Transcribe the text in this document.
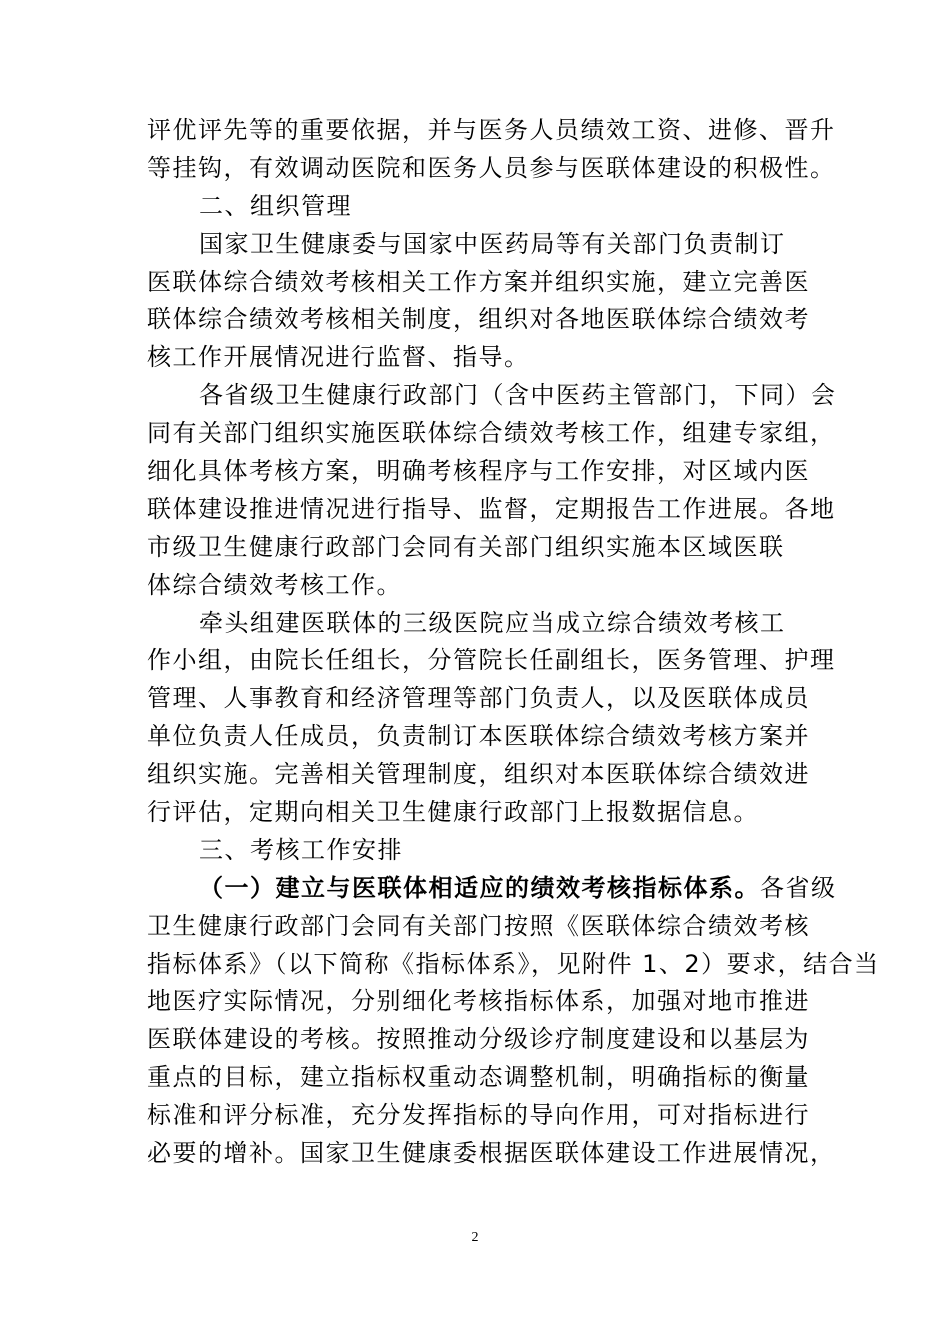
评优评先等的重要依据，并与医务人员绩效工资、进修、晋升
等挂钩，有效调动医院和医务人员参与医联体建设的积极性。
二、组织管理
国家卫生健康委与国家中医药局等有关部门负责制订
医联体综合绩效考核相关工作方案并组织实施，建立完善医
联体综合绩效考核相关制度，组织对各地医联体综合绩效考
核工作开展情况进行监督、指导。
各省级卫生健康行政部门（含中医药主管部门，下同）会
同有关部门组织实施医联体综合绩效考核工作，组建专家组，
细化具体考核方案，明确考核程序与工作安排，对区域内医
联体建设推进情况进行指导、监督，定期报告工作进展。各地
市级卫生健康行政部门会同有关部门组织实施本区域医联
体综合绩效考核工作。
牵头组建医联体的三级医院应当成立综合绩效考核工
作小组，由院长任组长，分管院长任副组长，医务管理、护理
管理、人事教育和经济管理等部门负责人，以及医联体成员
单位负责人任成员，负责制订本医联体综合绩效考核方案并
组织实施。完善相关管理制度，组织对本医联体综合绩效进
行评估，定期向相关卫生健康行政部门上报数据信息。
三、考核工作安排
（一）建立与医联体相适应的绩效考核指标体系。各省级
卫生健康行政部门会同有关部门按照《医联体综合绩效考核
指标体系》（以下简称《指标体系》，见附件 1、2）要求，结合当
地医疗实际情况，分别细化考核指标体系，加强对地市推进
医联体建设的考核。按照推动分级诊疗制度建设和以基层为
重点的目标，建立指标权重动态调整机制，明确指标的衡量
标准和评分标准，充分发挥指标的导向作用，可对指标进行
必要的增补。国家卫生健康委根据医联体建设工作进展情况，
2
